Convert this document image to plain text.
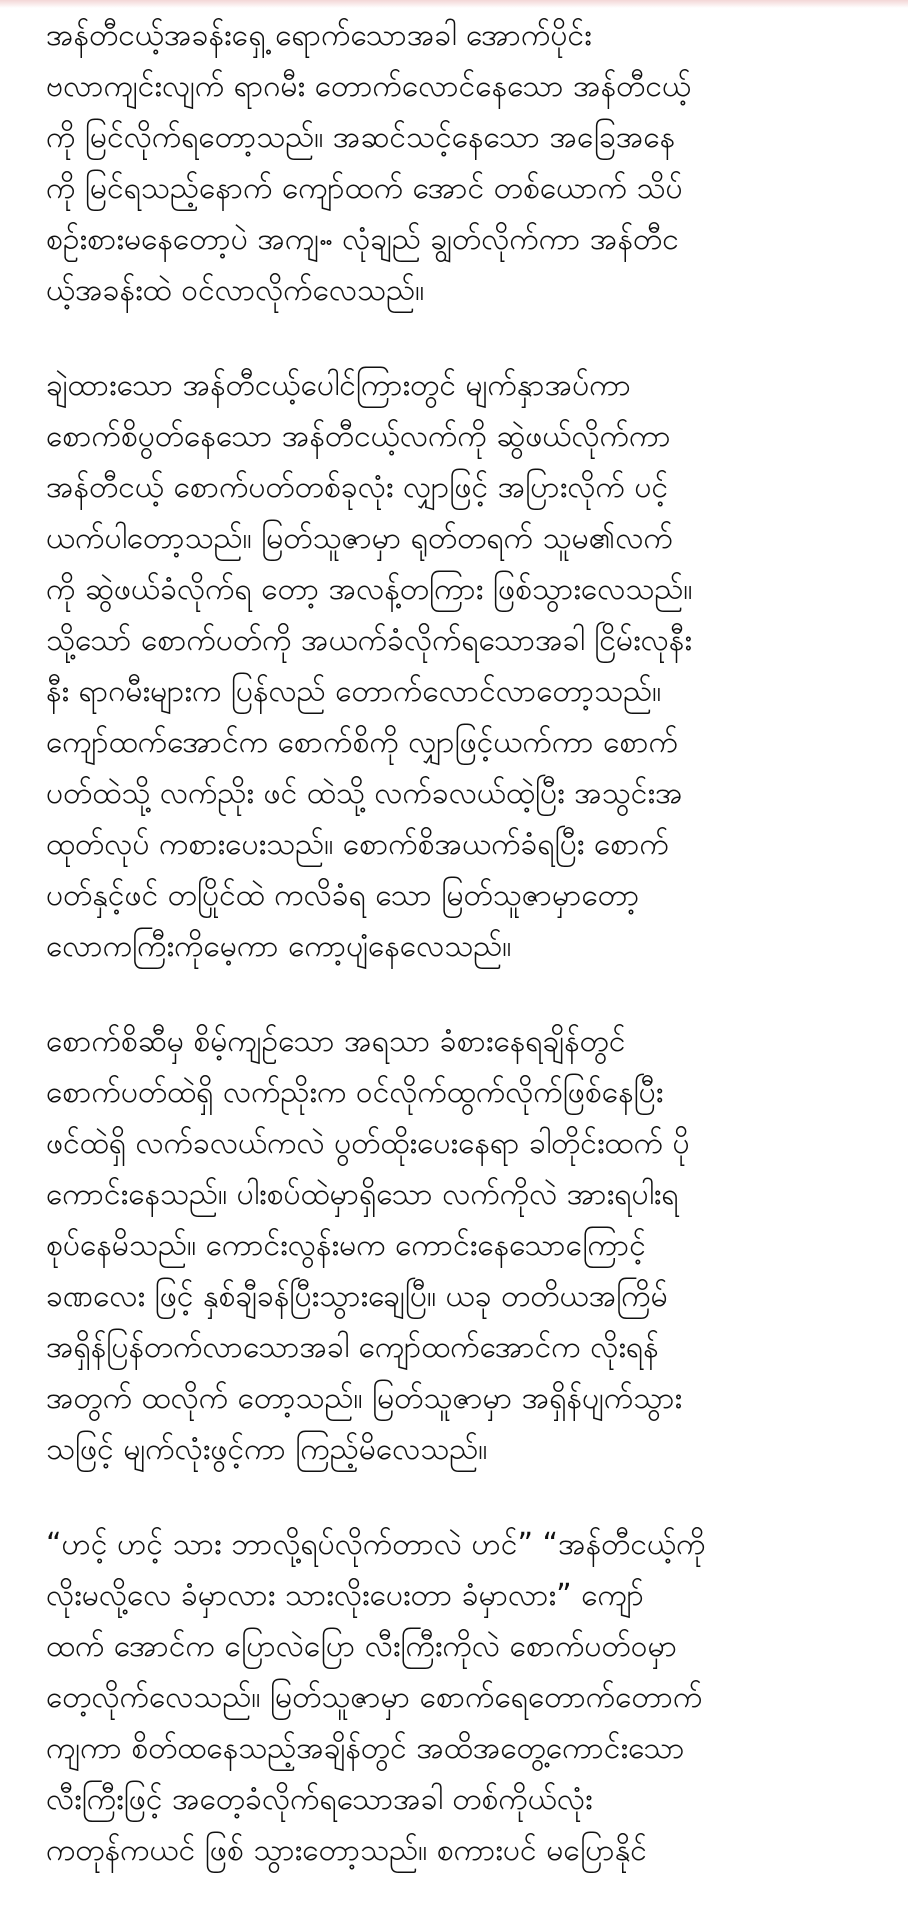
အန်တီငယ့်အခန်းရှေ့ ရောက်သောအခါ အောက်ပိုင်း
ဗလာကျင်းလျက် ရာဂမီး တောက်လောင်နေသော အန်တီငယ့်
ကို မြင်လိုက်ရတော့သည်။ အဆင်သင့်နေသော အခြေအနေ
ကို မြင်ရသည့်နောက် ကျော်ထက် အောင် တစ်ယောက် သိပ်
စဉ်းစားမနေတော့ပဲ အကျႌ လုံချည် ချွတ်လိုက်ကာ အန်တီင
ယ့်အခန်းထဲ ဝင်လာလိုက်လေသည်။
ချဲထားသော အန်တီငယ့်ပေါင်ကြားတွင် မျက်နှာအပ်ကာ
စောက်စိပွတ်နေသော အန်တီငယ့်လက်ကို ဆွဲဖယ်လိုက်ကာ
အန်တီငယ့် စောက်ပတ်တစ်ခုလုံး လျှာဖြင့် အပြားလိုက် ပင့်
ယက်ပါတော့သည်။ မြတ်သူဇာမှာ ရုတ်တရက် သူမ၏လက်
ကို ဆွဲဖယ်ခံလိုက်ရ တော့ အလန့်တကြား ဖြစ်သွားလေသည်။
သို့သော် စောက်ပတ်ကို အယက်ခံလိုက်ရသောအခါ ငြိမ်းလုနီး
နီး ရာဂမီးများက ပြန်လည် တောက်လောင်လာတော့သည်။
ကျော်ထက်အောင်က စောက်စိကို လျှာဖြင့်ယက်ကာ စောက်
ပတ်ထဲသို့ လက်ညိုး ဖင် ထဲသို့ လက်ခလယ်ထဲ့ပြီး အသွင်းအ
ထုတ်လုပ် ကစားပေးသည်။ စောက်စိအယက်ခံရပြီး စောက်
ပတ်နှင့်ဖင် တပြိုင်ထဲ ကလိခံရ သော မြတ်သူဇာမှာတော့
လောကကြီးကိုမေ့ကာ ကော့ပျံနေလေသည်။
စောက်စိဆီမှ စိမ့်ကျဉ်သော အရသာ ခံစားနေရချိန်တွင်
စောက်ပတ်ထဲရှိ လက်ညိုးက ဝင်လိုက်ထွက်လိုက်ဖြစ်နေပြီး
ဖင်ထဲရှိ လက်ခလယ်ကလဲ ပွတ်ထိုးပေးနေရာ ခါတိုင်းထက် ပို
ကောင်းနေသည်။ ပါးစပ်ထဲမှာရှိသော လက်ကိုလဲ အားရပါးရ
စုပ်နေမိသည်။ ကောင်းလွန်းမက ကောင်းနေသောကြောင့်
ခဏလေး ဖြင့် နှစ်ချီခန်ပြီးသွားချေပြီ။ ယခု တတိယအကြိမ်
အရှိန်ပြန်တက်လာသောအခါ ကျော်ထက်အောင်က လိုးရန်
အတွက် ထလိုက် တော့သည်။ မြတ်သူဇာမှာ အရှိန်ပျက်သွား
သဖြင့် မျက်လုံးဖွင့်ကာ ကြည့်မိလေသည်။
“ဟင့် ဟင့် သား ဘာလို့ရပ်လိုက်တာလဲ ဟင်” “အန်တီငယ့်ကို
လိုးမလို့လေ ခံမှာလား သားလိုးပေးတာ ခံမှာလား” ကျော်
ထက် အောင်က ပြောလဲပြော လီးကြီးကိုလဲ စောက်ပတ်ဝမှာ
တေ့လိုက်လေသည်။ မြတ်သူဇာမှာ စောက်ရေတောက်တောက်
ကျကာ စိတ်ထနေသည့်အချိန်တွင် အထိအတွေ့ကောင်းသော
လီးကြီးဖြင့် အတေ့ခံလိုက်ရသောအခါ တစ်ကိုယ်လုံး
ကတုန်ကယင် ဖြစ် သွားတော့သည်။ စကားပင် မပြောနိုင်
